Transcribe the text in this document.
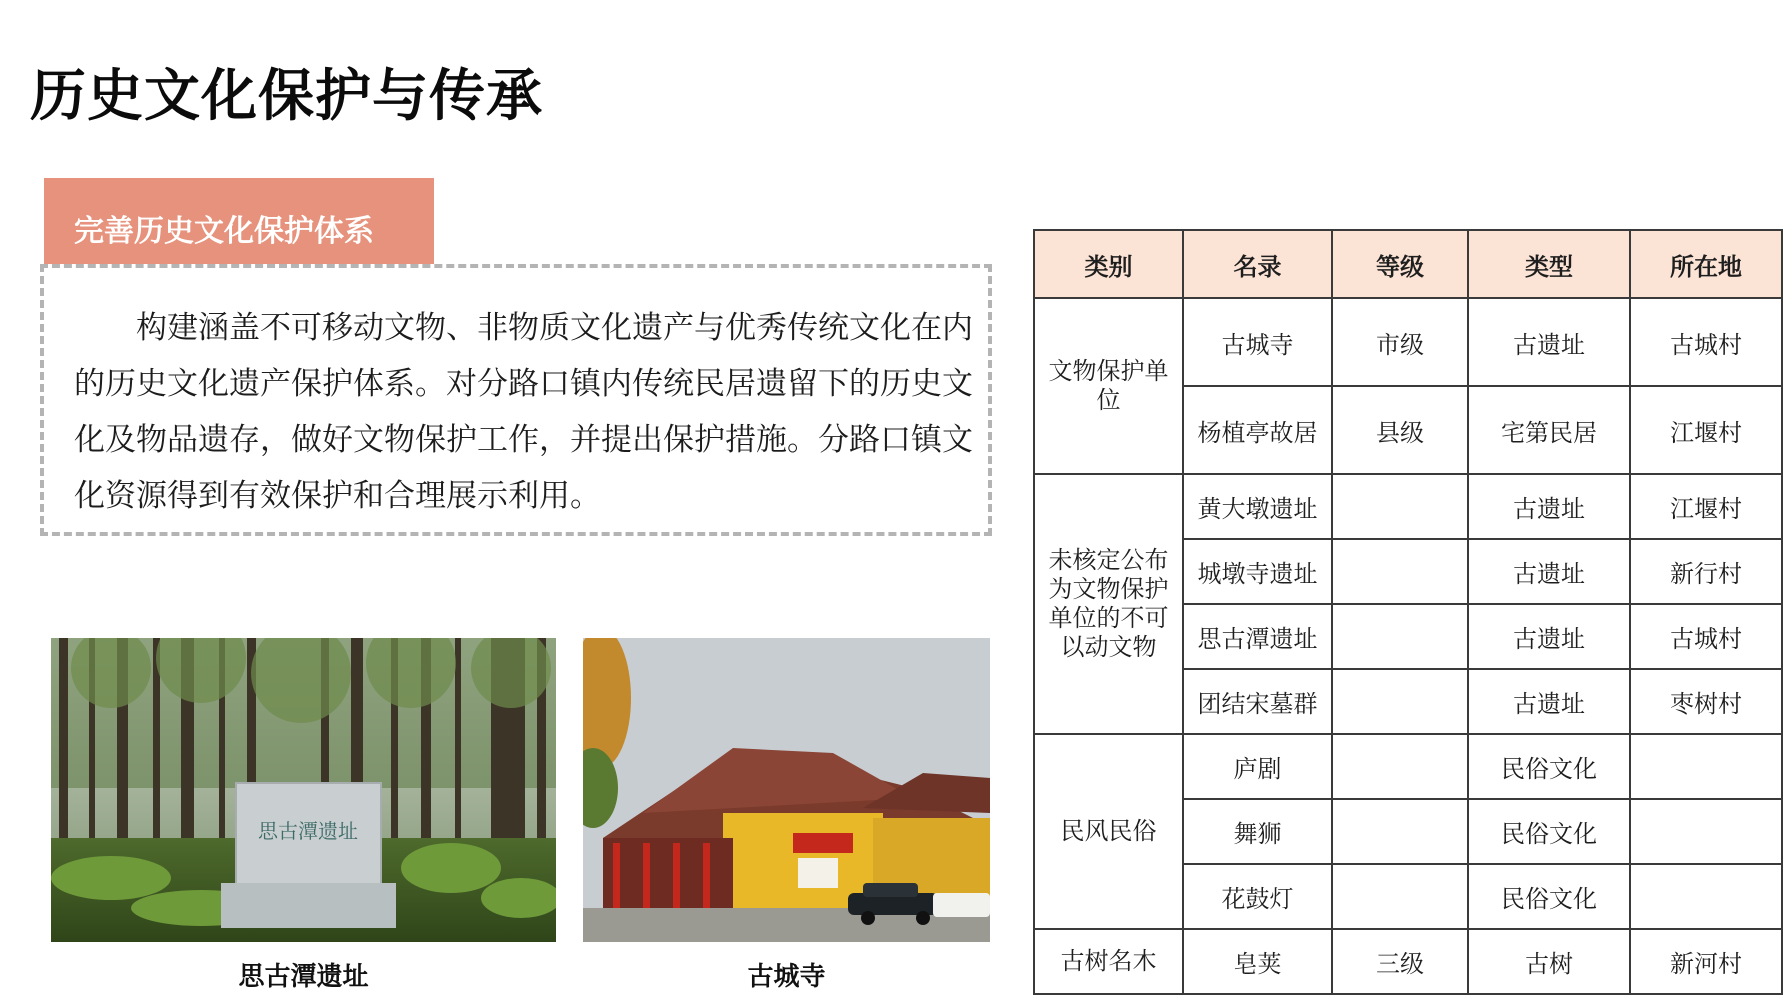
历史文化保护与传承
完善历史文化保护体系

构建涵盖不可移动文物、非物质文化遗产与优秀传统文化在内的历史文化遗产保护体系。对分路口镇内传统民居遗留下的历史文化及物品遗存，做好文物保护工作，并提出保护措施。分路口镇文化资源得到有效保护和合理展示利用。

思古潭遗址
思古潭遗址	古城寺
类别	名录	等级	类型	所在地
文物保护单位	古城寺	市级	古遗址	古城村
	杨植亭故居	县级	宅第民居	江堰村
未核定公布为文物保护单位的不可以动文物	黄大墩遗址		古遗址	江堰村
	城墩寺遗址		古遗址	新行村
	思古潭遗址		古遗址	古城村
	团结宋墓群		古遗址	枣树村
民风民俗	庐剧		民俗文化	
	舞狮		民俗文化	
	花鼓灯		民俗文化	
古树名木	皂荚	三级	古树	新河村
